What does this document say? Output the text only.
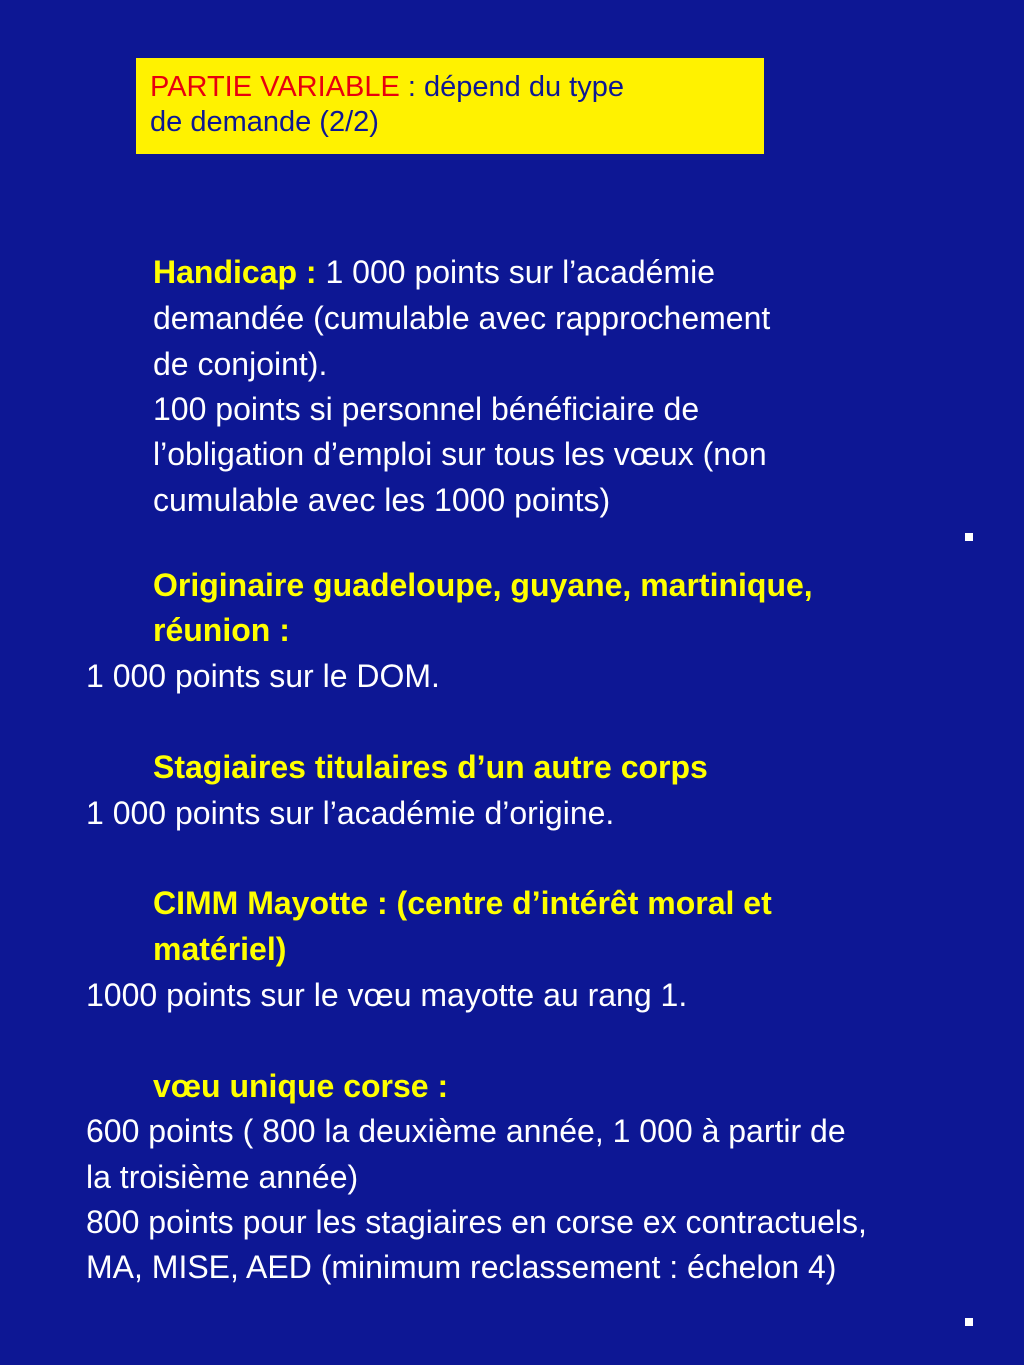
PARTIE VARIABLE : dépend du type
de demande (2/2)
Handicap : 1 000 points sur l’académie
demandée (cumulable avec rapprochement
de conjoint).
100 points si personnel bénéficiaire de
l’obligation d’emploi sur tous les vœux (non
cumulable avec les 1000 points)
Originaire guadeloupe, guyane, martinique,
réunion :
1 000 points sur le DOM.
Stagiaires titulaires d’un autre corps
1 000 points sur l’académie d’origine.
CIMM Mayotte : (centre d’intérêt moral et
matériel)
1000 points sur le vœu mayotte au rang 1.
vœu unique corse :
600 points ( 800 la deuxième année, 1 000 à partir de
la troisième année)
800 points pour les stagiaires en corse ex contractuels,
MA, MISE, AED (minimum reclassement : échelon 4)
